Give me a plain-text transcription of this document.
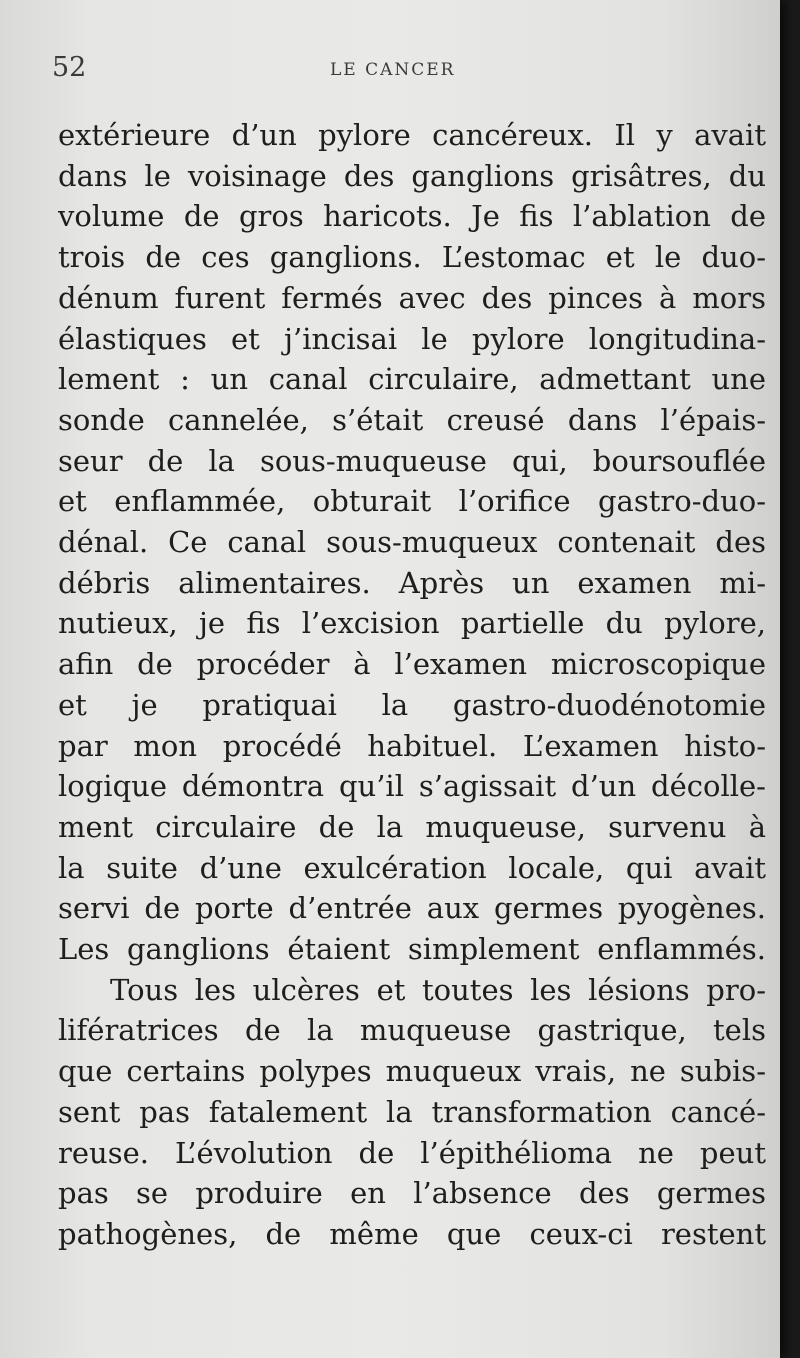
52	LE CANCER
extérieure d’un pylore cancéreux. Il y avait
dans le voisinage des ganglions grisâtres, du
volume de gros haricots. Je fis l’ablation de
trois de ces ganglions. L’estomac et le duo-
dénum furent fermés avec des pinces à mors
élastiques et j’incisai le pylore longitudina-
lement : un canal circulaire, admettant une
sonde cannelée, s’était creusé dans l’épais-
seur de la sous-muqueuse qui, boursouflée
et enflammée, obturait l’orifice gastro-duo-
dénal. Ce canal sous-muqueux contenait des
débris alimentaires. Après un examen mi-
nutieux, je fis l’excision partielle du pylore,
afin de procéder à l’examen microscopique
et je pratiquai la gastro-duodénotomie
par mon procédé habituel. L’examen histo-
logique démontra qu’il s’agissait d’un décolle-
ment circulaire de la muqueuse, survenu à
la suite d’une exulcération locale, qui avait
servi de porte d’entrée aux germes pyogènes.
Les ganglions étaient simplement enflammés.
Tous les ulcères et toutes les lésions pro-
lifératrices de la muqueuse gastrique, tels
que certains polypes muqueux vrais, ne subis-
sent pas fatalement la transformation cancé-
reuse. L’évolution de l’épithélioma ne peut
pas se produire en l’absence des germes
pathogènes, de même que ceux-ci restent
